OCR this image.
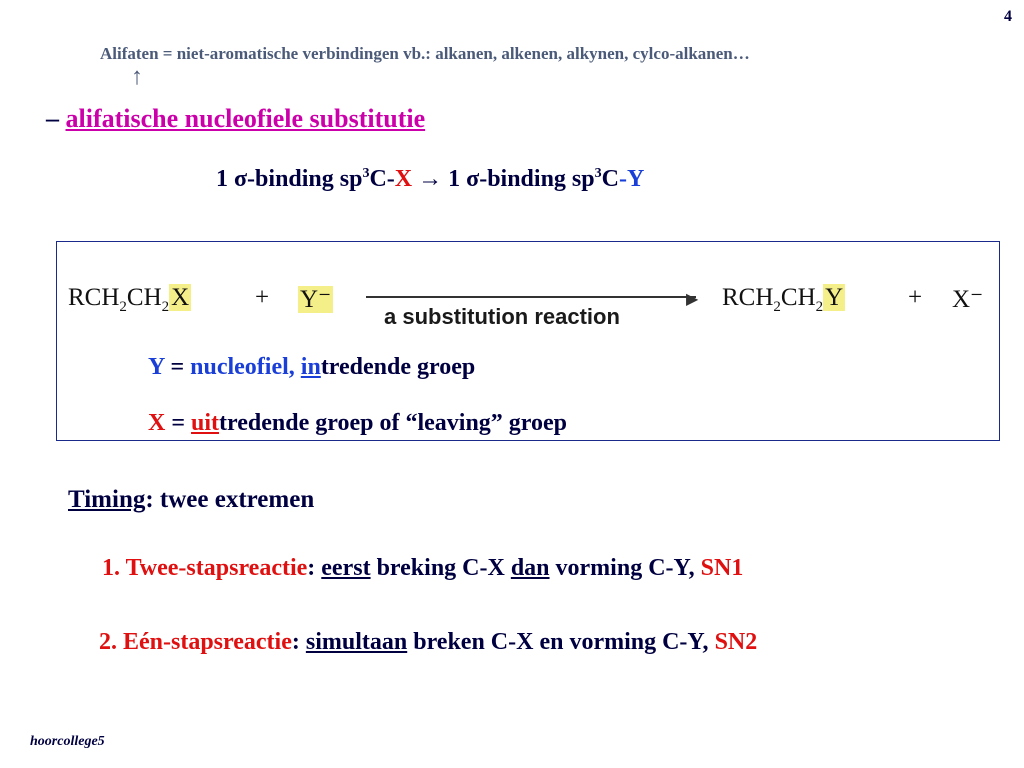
4
Alifaten = niet-aromatische verbindingen vb.: alkanen, alkenen, alkynen, cylco-alkanen…
↑
– alifatische nucleofiele substitutie
1 σ-binding $sp^3C-X \to 1$ σ-binding $sp^3C-Y$
$RCH_2CH_2X$	+ Y⁻	▶
a substitution reaction
$RCH_2CH_2Y$	+ X⁻
Y = nucleofiel, intredende groep
X = uittredende groep of “leaving” groep
Timing: twee extremen
1. Twee-stapsreactie: eerst breking C-X dan vorming C-Y, SN1
2. Eén-stapsreactie: simultaan breken C-X en vorming C-Y, SN2
hoorcollege5
